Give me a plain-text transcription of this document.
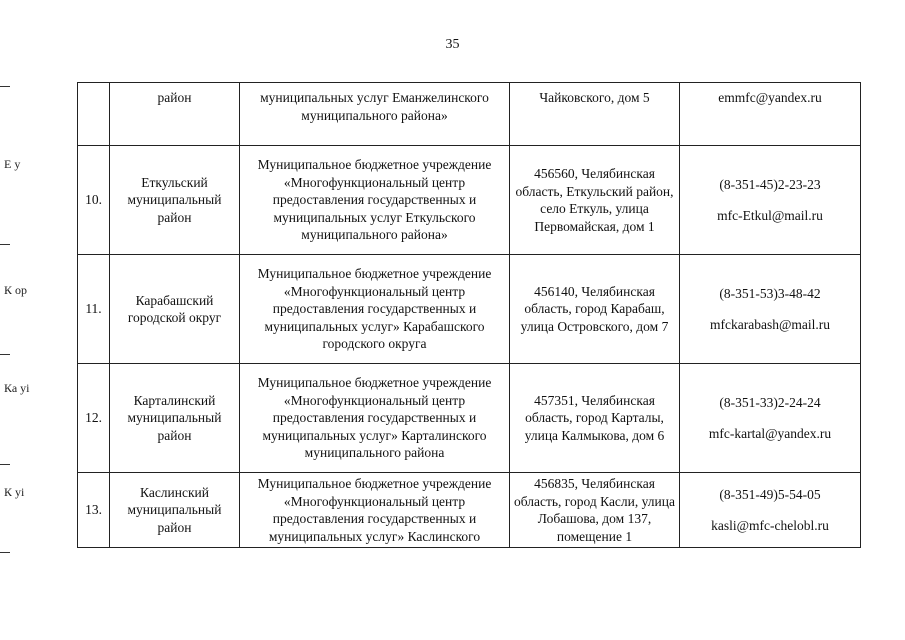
35
Е у
К ор
Ка уі
К уі
	район	муниципальных услуг Еманжелинского муниципального района»	Чайковского, дом 5	emmfc@yandex.ru

10.	Еткульский муниципальный район	Муниципальное бюджетное учреждение «Многофункциональный центр предоставления государственных и муниципальных услуг Еткульского муниципального района»	456560, Челябинская область, Еткульский район, село Еткуль, улица Первомайская, дом 1	(8-351-45)2-23-23
mfc-Etkul@mail.ru

11.	Карабашский городской округ	Муниципальное бюджетное учреждение «Многофункциональный центр предоставления государственных и муниципальных услуг» Карабашского городского округа	456140, Челябинская область, город Карабаш, улица Островского, дом 7	(8-351-53)3-48-42
mfckarabash@mail.ru

12.	Карталинский муниципальный район	Муниципальное бюджетное учреждение «Многофункциональный центр предоставления государственных и муниципальных услуг» Карталинского муниципального района	457351, Челябинская область, город Карталы, улица Калмыкова, дом 6	(8-351-33)2-24-24
mfc-kartal@yandex.ru

13.	Каслинский муниципальный район	Муниципальное бюджетное учреждение «Многофункциональный центр предоставления государственных и муниципальных услуг» Каслинского	456835, Челябинская область, город Касли, улица Лобашова, дом 137, помещение 1	(8-351-49)5-54-05
kasli@mfc-chelobl.ru
